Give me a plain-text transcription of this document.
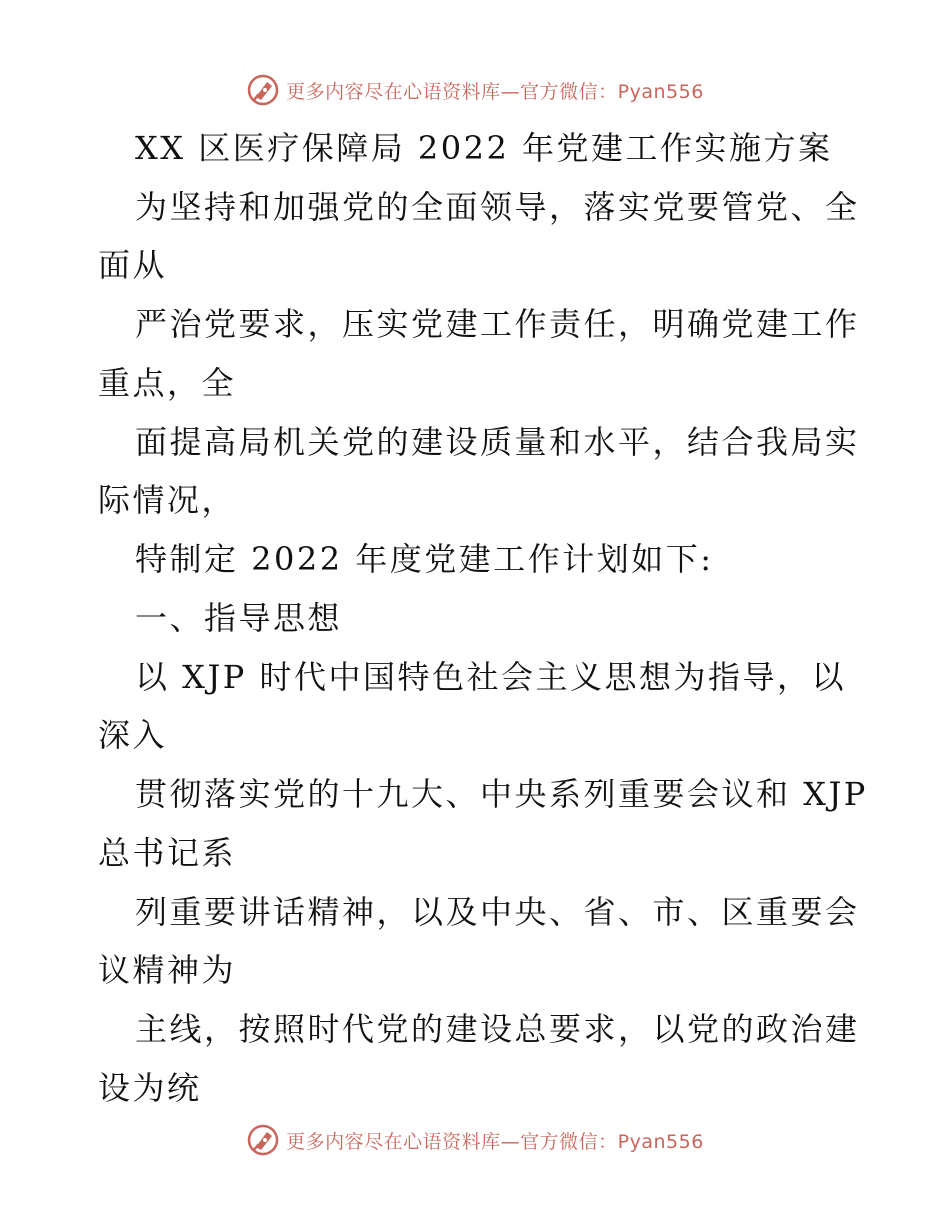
更多内容尽在心语资料库—官方微信：Pyan556
XX 区医疗保障局 2022 年党建工作实施方案
为坚持和加强党的全面领导，落实党要管党、全
面从
严治党要求，压实党建工作责任，明确党建工作
重点，全
面提高局机关党的建设质量和水平，结合我局实
际情况，
特制定 2022 年度党建工作计划如下:
一、指导思想
以 XJP 时代中国特色社会主义思想为指导，以
深入
贯彻落实党的十九大、中央系列重要会议和 XJP
总书记系
列重要讲话精神，以及中央、省、市、区重要会
议精神为
主线，按照时代党的建设总要求，以党的政治建
设为统
更多内容尽在心语资料库—官方微信：Pyan556
